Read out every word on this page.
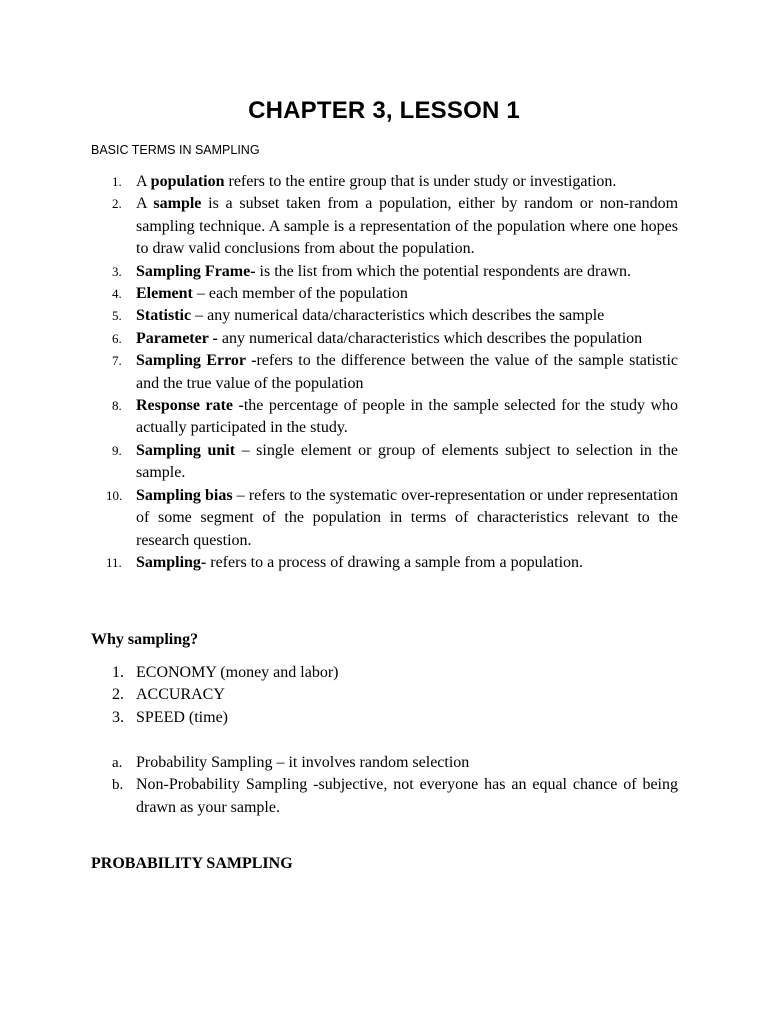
CHAPTER 3, LESSON 1
BASIC TERMS IN SAMPLING
1. A population refers to the entire group that is under study or investigation.
2. A sample is a subset taken from a population, either by random or non-random sampling technique. A sample is a representation of the population where one hopes to draw valid conclusions from about the population.
3. Sampling Frame- is the list from which the potential respondents are drawn.
4. Element – each member of the population
5. Statistic – any numerical data/characteristics which describes the sample
6. Parameter - any numerical data/characteristics which describes the population
7. Sampling Error -refers to the difference between the value of the sample statistic and the true value of the population
8. Response rate -the percentage of people in the sample selected for the study who actually participated in the study.
9. Sampling unit – single element or group of elements subject to selection in the sample.
10. Sampling bias – refers to the systematic over-representation or under representation of some segment of the population in terms of characteristics relevant to the research question.
11. Sampling- refers to a process of drawing a sample from a population.
Why sampling?
1. ECONOMY (money and labor)
2. ACCURACY
3. SPEED (time)
a. Probability Sampling – it involves random selection
b. Non-Probability Sampling -subjective, not everyone has an equal chance of being drawn as your sample.
PROBABILITY SAMPLING
